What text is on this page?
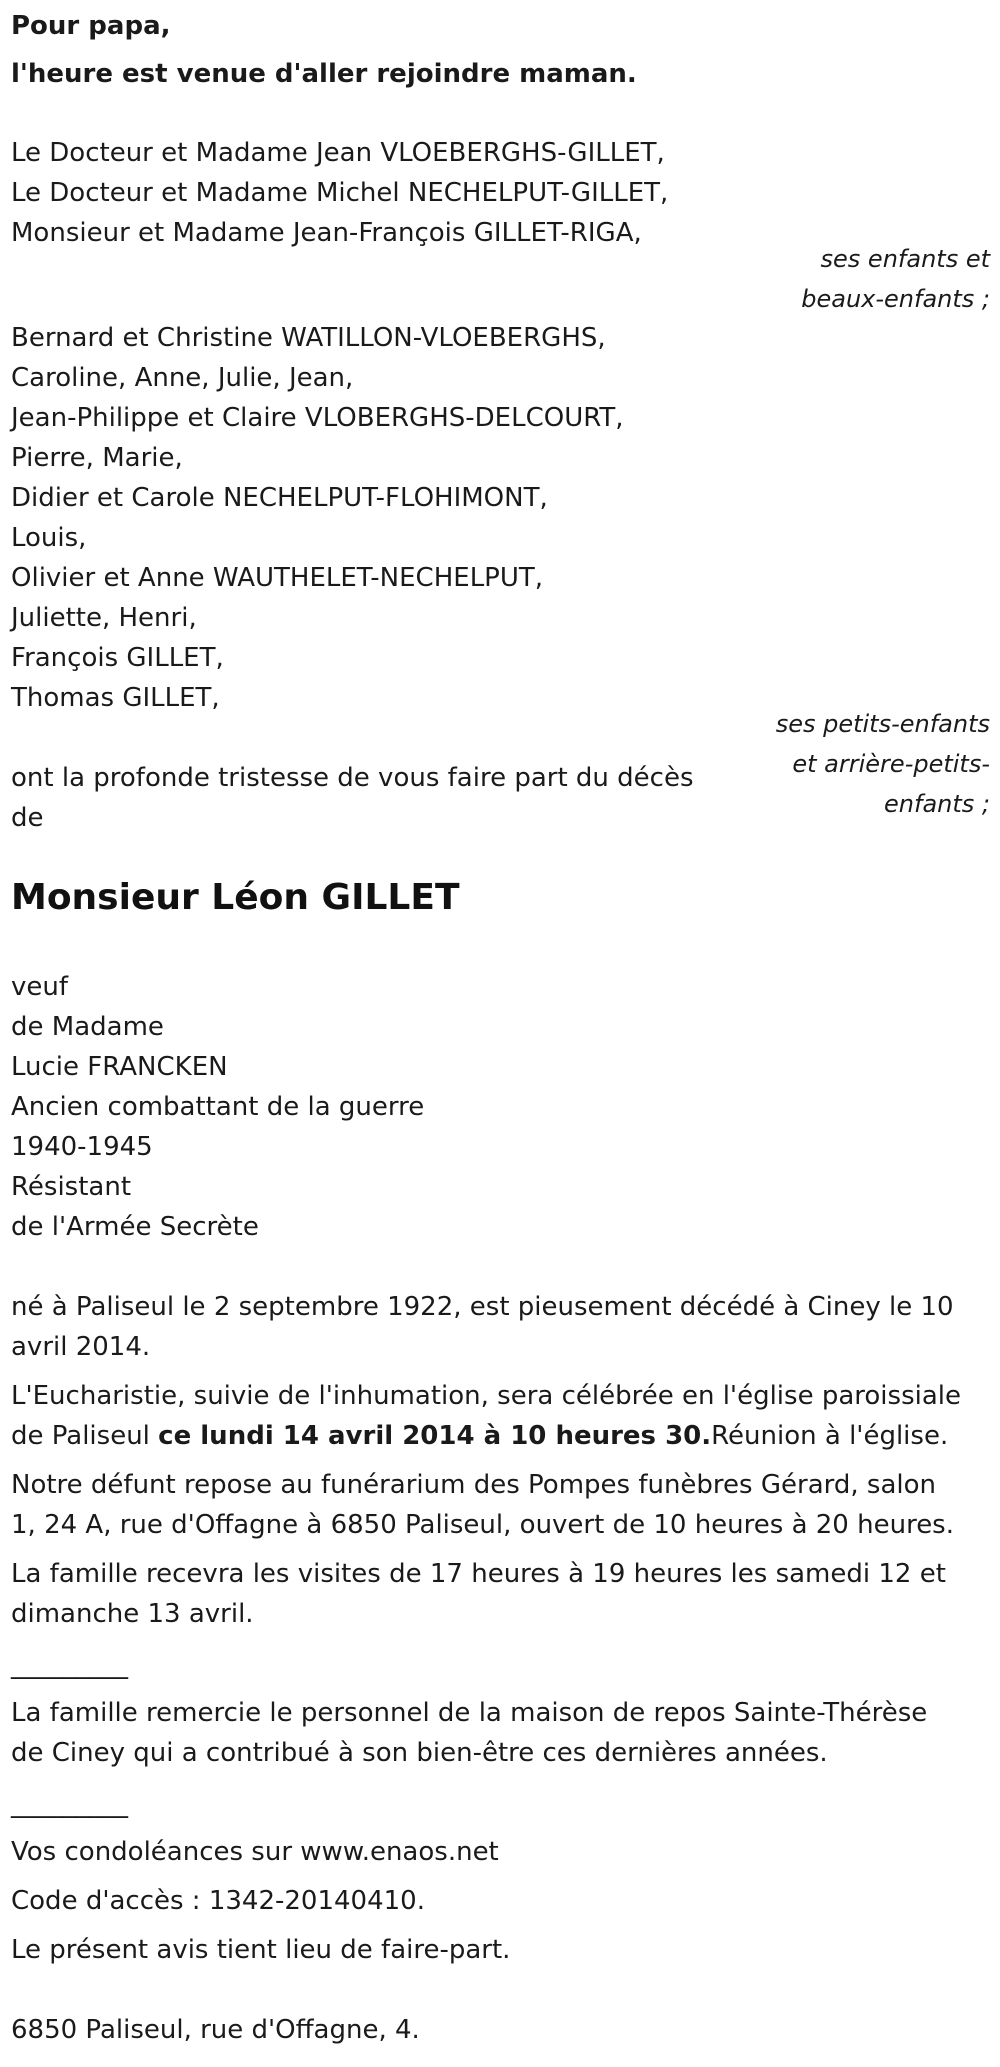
Pour papa,
l'heure est venue d'aller rejoindre maman.
Le Docteur et Madame Jean VLOEBERGHS-GILLET,
Le Docteur et Madame Michel NECHELPUT-GILLET,
Monsieur et Madame Jean-François GILLET-RIGA,
ses enfants et
beaux-enfants ;
Bernard et Christine WATILLON-VLOEBERGHS,
Caroline, Anne, Julie, Jean,
Jean-Philippe et Claire VLOBERGHS-DELCOURT,
Pierre, Marie,
Didier et Carole NECHELPUT-FLOHIMONT,
Louis,
Olivier et Anne WAUTHELET-NECHELPUT,
Juliette, Henri,
François GILLET,
Thomas GILLET,
ses petits-enfants
et arrière-petits-
enfants ;
ont la profonde tristesse de vous faire part du décès
de
Monsieur Léon GILLET
veuf
de Madame
Lucie FRANCKEN
Ancien combattant de la guerre
1940-1945
Résistant
de l'Armée Secrète
né à Paliseul le 2 septembre 1922, est pieusement décédé à Ciney le 10
avril 2014.
L'Eucharistie, suivie de l'inhumation, sera célébrée en l'église paroissiale
de Paliseul ce lundi 14 avril 2014 à 10 heures 30.Réunion à l'église.
Notre défunt repose au funérarium des Pompes funèbres Gérard, salon
1, 24 A, rue d'Offagne à 6850 Paliseul, ouvert de 10 heures à 20 heures.
La famille recevra les visites de 17 heures à 19 heures les samedi 12 et
dimanche 13 avril.
_________
La famille remercie le personnel de la maison de repos Sainte-Thérèse
de Ciney qui a contribué à son bien-être ces dernières années.
_________
Vos condoléances sur www.enaos.net
Code d'accès : 1342-20140410.
Le présent avis tient lieu de faire-part.
6850 Paliseul, rue d'Offagne, 4.
